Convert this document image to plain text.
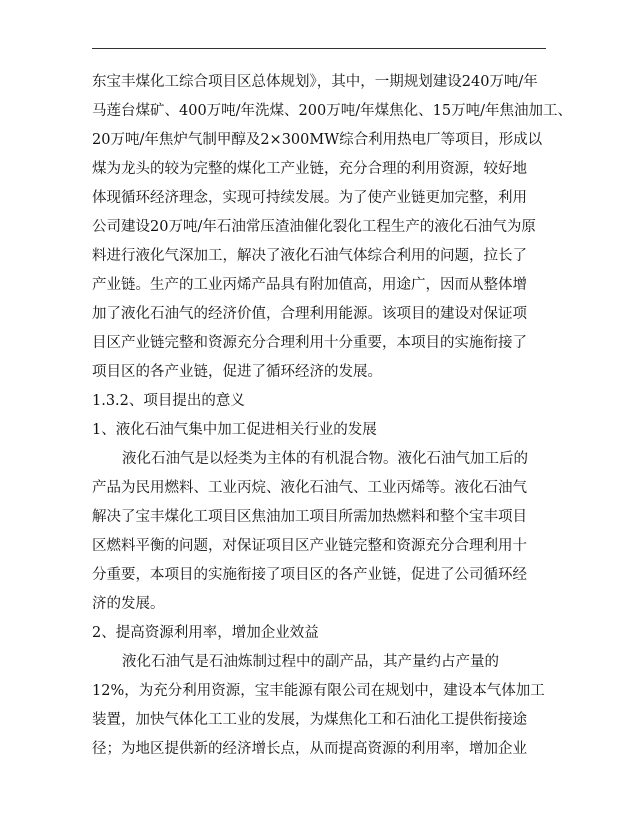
东宝丰煤化工综合项目区总体规划》，其中，一期规划建设240万吨/年
马莲台煤矿、400万吨/年洗煤、200万吨/年煤焦化、15万吨/年焦油加工、
20万吨/年焦炉气制甲醇及2×300MW综合利用热电厂等项目，形成以
煤为龙头的较为完整的煤化工产业链，充分合理的利用资源，较好地
体现循环经济理念，实现可持续发展。为了使产业链更加完整，利用
公司建设20万吨/年石油常压渣油催化裂化工程生产的液化石油气为原
料进行液化气深加工，解决了液化石油气体综合利用的问题，拉长了
产业链。生产的工业丙烯产品具有附加值高，用途广，因而从整体增
加了液化石油气的经济价值，合理利用能源。该项目的建设对保证项
目区产业链完整和资源充分合理利用十分重要，本项目的实施衔接了
项目区的各产业链，促进了循环经济的发展。
1.3.2、项目提出的意义
1、液化石油气集中加工促进相关行业的发展
液化石油气是以烃类为主体的有机混合物。液化石油气加工后的
产品为民用燃料、工业丙烷、液化石油气、工业丙烯等。液化石油气
解决了宝丰煤化工项目区焦油加工项目所需加热燃料和整个宝丰项目
区燃料平衡的问题，对保证项目区产业链完整和资源充分合理利用十
分重要，本项目的实施衔接了项目区的各产业链，促进了公司循环经
济的发展。
2、提高资源利用率，增加企业效益
液化石油气是石油炼制过程中的副产品，其产量约占产量的
12%，为充分利用资源，宝丰能源有限公司在规划中，建设本气体加工
装置，加快气体化工工业的发展，为煤焦化工和石油化工提供衔接途
径；为地区提供新的经济增长点，从而提高资源的利用率，增加企业
